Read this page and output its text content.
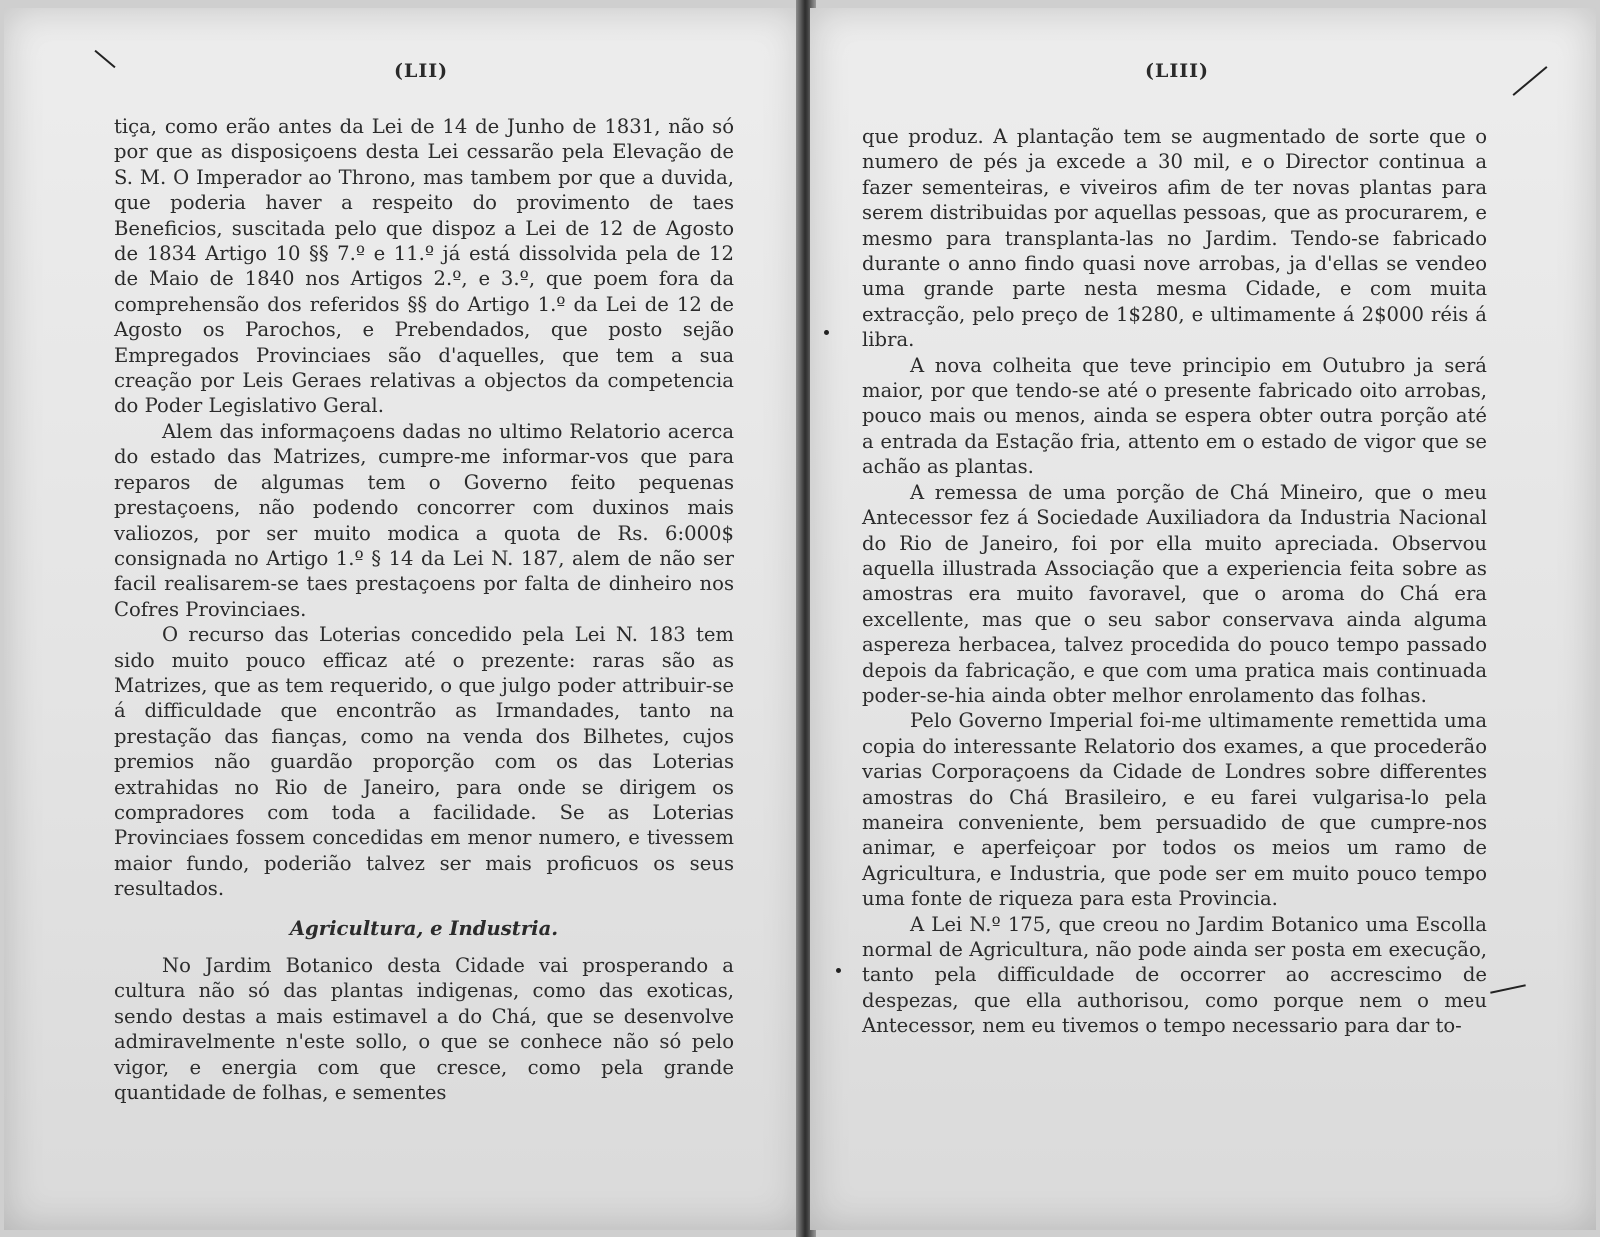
(LII)

tiça, como erão antes da Lei de 14 de Junho de 1831, não só por que as disposiçoens desta Lei cessarão pela Elevação de S. M. O Imperador ao Throno, mas tambem por que a duvida, que poderia haver a respeito do provimento de taes Beneficios, suscitada pelo que dispoz a Lei de 12 de Agosto de 1834 Artigo 10 §§ 7.º e 11.º já está dissolvida pela de 12 de Maio de 1840 nos Artigos 2.º, e 3.º, que poem fora da comprehensão dos referidos §§ do Artigo 1.º da Lei de 12 de Agosto os Parochos, e Prebendados, que posto sejão Empregados Provinciaes são d'aquelles, que tem a sua creação por Leis Geraes relativas a objectos da competencia do Poder Legislativo Geral.

Alem das informaçoens dadas no ultimo Relatorio acerca do estado das Matrizes, cumpre-me informar-vos que para reparos de algumas tem o Governo feito pequenas prestaçoens, não podendo concorrer com duxinos mais valiozos, por ser muito modica a quota de Rs. 6:000$ consignada no Artigo 1.º § 14 da Lei N. 187, alem de não ser facil realisarem-se taes prestaçoens por falta de dinheiro nos Cofres Provinciaes.

O recurso das Loterias concedido pela Lei N. 183 tem sido muito pouco efficaz até o prezente: raras são as Matrizes, que as tem requerido, o que julgo poder attribuir-se á difficuldade que encontrão as Irmandades, tanto na prestação das fianças, como na venda dos Bilhetes, cujos premios não guardão proporção com os das Loterias extrahidas no Rio de Janeiro, para onde se dirigem os compradores com toda a facilidade. Se as Loterias Provinciaes fossem concedidas em menor numero, e tivessem maior fundo, poderião talvez ser mais proficuos os seus resultados.

Agricultura, e Industria.

No Jardim Botanico desta Cidade vai prosperando a cultura não só das plantas indigenas, como das exoticas, sendo destas a mais estimavel a do Chá, que se desenvolve admiravelmente n'este sollo, o que se conhece não só pelo vigor, e energia com que cresce, como pela grande quantidade de folhas, e sementes

(LIII)

que produz. A plantação tem se augmentado de sorte que o numero de pés ja excede a 30 mil, e o Director continua a fazer sementeiras, e viveiros afim de ter novas plantas para serem distribuidas por aquellas pessoas, que as procurarem, e mesmo para transplanta-las no Jardim. Tendo-se fabricado durante o anno findo quasi nove arrobas, ja d'ellas se vendeo uma grande parte nesta mesma Cidade, e com muita extracção, pelo preço de 1$280, e ultimamente á 2$000 réis á libra.

A nova colheita que teve principio em Outubro ja será maior, por que tendo-se até o presente fabricado oito arrobas, pouco mais ou menos, ainda se espera obter outra porção até a entrada da Estação fria, attento em o estado de vigor que se achão as plantas.

A remessa de uma porção de Chá Mineiro, que o meu Antecessor fez á Sociedade Auxiliadora da Industria Nacional do Rio de Janeiro, foi por ella muito apreciada. Observou aquella illustrada Associação que a experiencia feita sobre as amostras era muito favoravel, que o aroma do Chá era excellente, mas que o seu sabor conservava ainda alguma aspereza herbacea, talvez procedida do pouco tempo passado depois da fabricação, e que com uma pratica mais continuada poder-se-hia ainda obter melhor enrolamento das folhas.

Pelo Governo Imperial foi-me ultimamente remettida uma copia do interessante Relatorio dos exames, a que procederão varias Corporaçoens da Cidade de Londres sobre differentes amostras do Chá Brasileiro, e eu farei vulgarisa-lo pela maneira conveniente, bem persuadido de que cumpre-nos animar, e aperfeiçoar por todos os meios um ramo de Agricultura, e Industria, que pode ser em muito pouco tempo uma fonte de riqueza para esta Provincia.

A Lei N.º 175, que creou no Jardim Botanico uma Escolla normal de Agricultura, não pode ainda ser posta em execução, tanto pela difficuldade de occorrer ao accrescimo de despezas, que ella authorisou, como porque nem o meu Antecessor, nem eu tivemos o tempo necessario para dar to-
